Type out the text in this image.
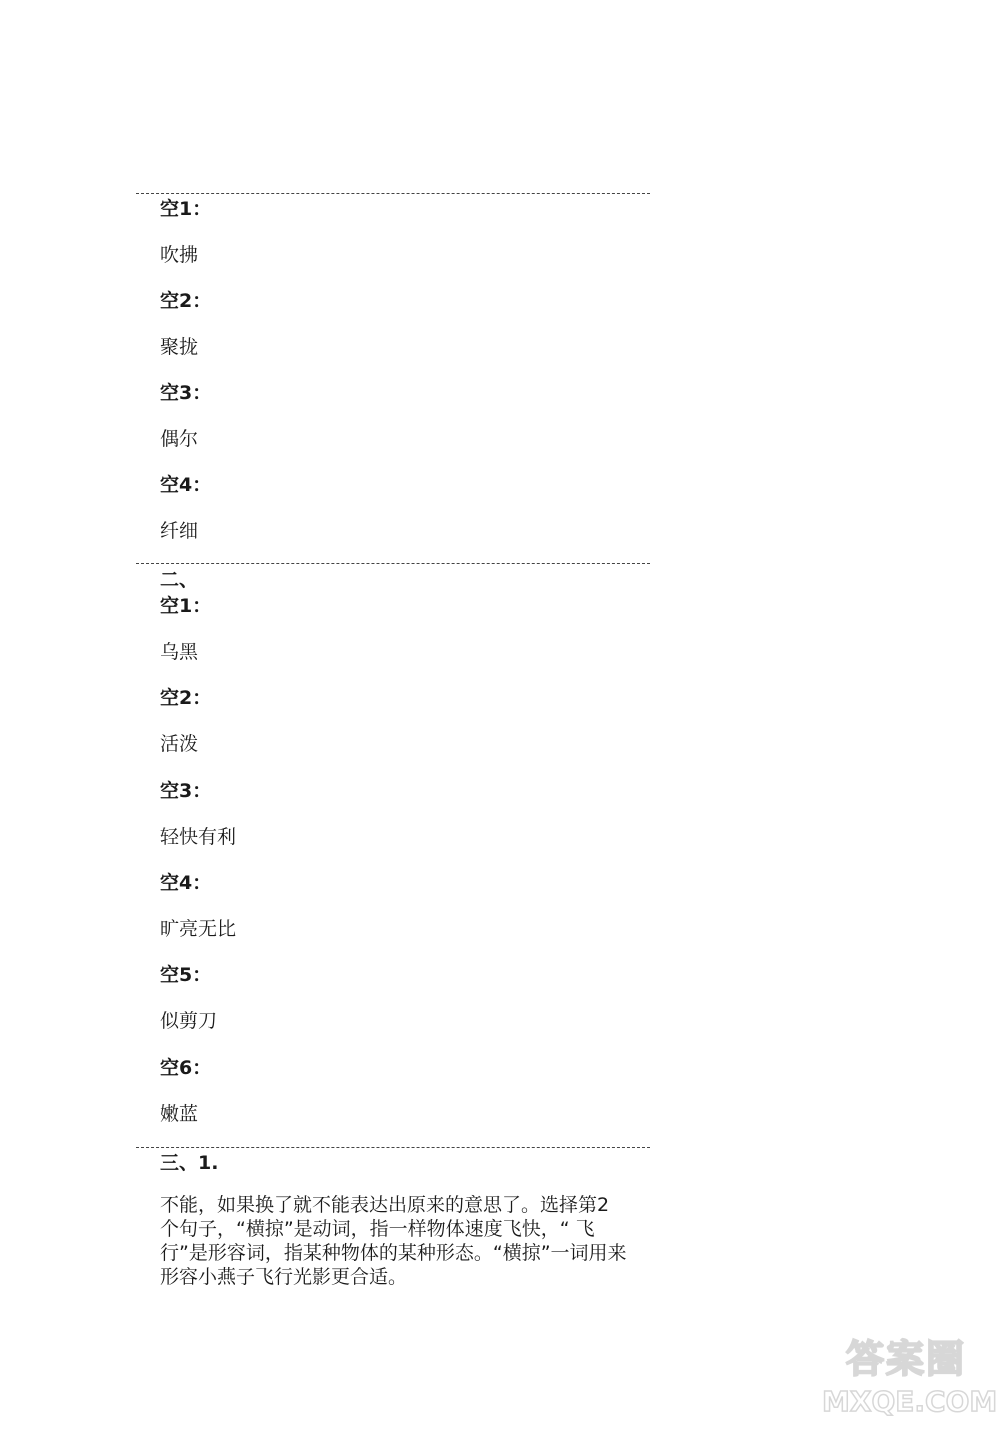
空1：
吹拂
空2：
聚拢
空3：
偶尔
空4：
纤细
二、
空1：
乌黑
空2：
活泼
空3：
轻快有利
空4：
旷亮无比
空5：
似剪刀
空6：
嫩蓝
三、1.
不能，如果换了就不能表达出原来的意思了。选择第2
个句子，“横掠”是动词，指一样物体速度飞快，“ 飞
行”是形容词，指某种物体的某种形态。“横掠”一词用来
形容小燕子飞行光影更合适。
答案圈
MXQE.COM
